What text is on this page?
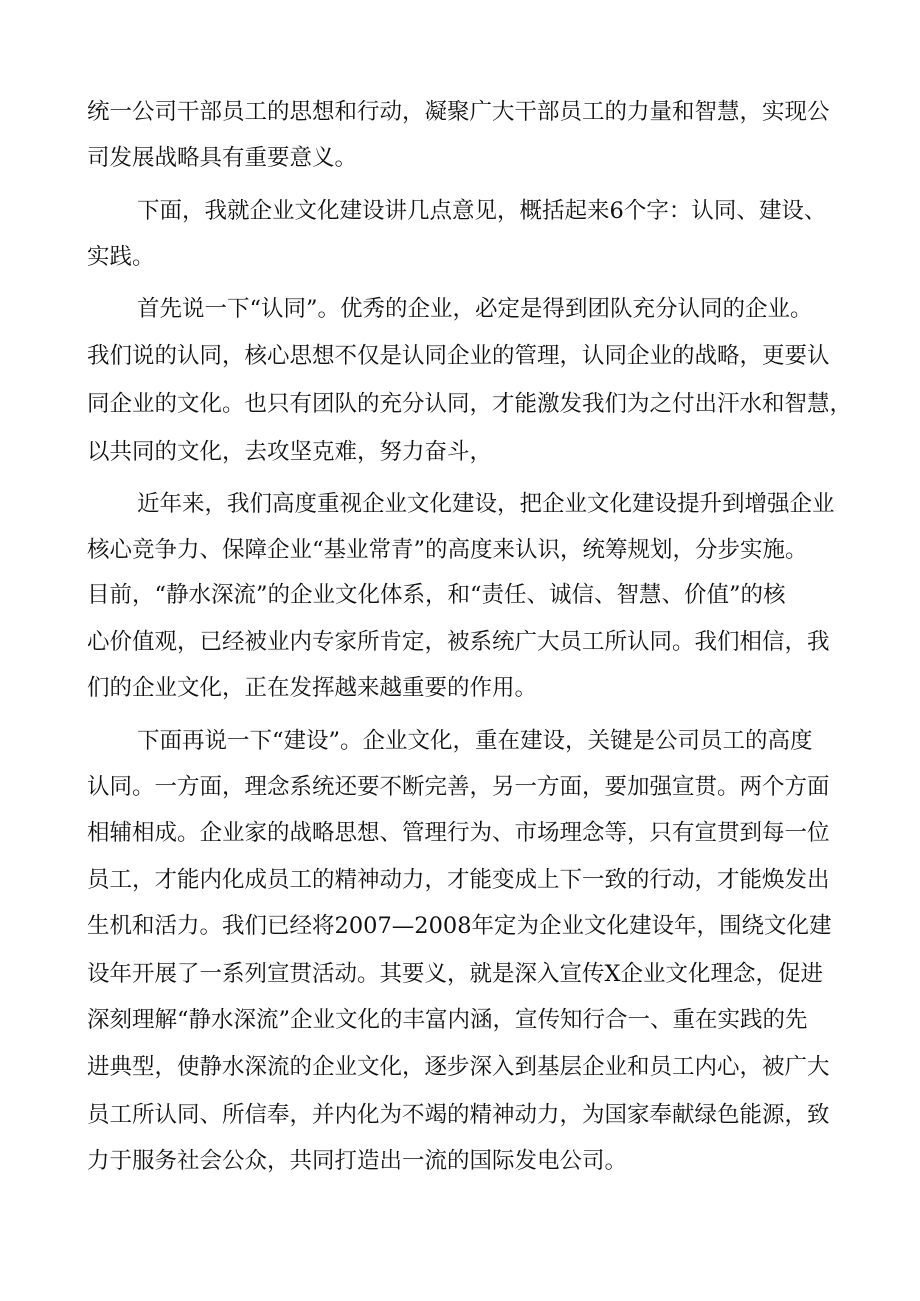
统一公司干部员工的思想和行动，凝聚广大干部员工的力量和智慧，实现公
司发展战略具有重要意义。
下面，我就企业文化建设讲几点意见，概括起来6个字：认同、建设、
实践。
首先说一下“认同”。优秀的企业，必定是得到团队充分认同的企业。
我们说的认同，核心思想不仅是认同企业的管理，认同企业的战略，更要认
同企业的文化。也只有团队的充分认同，才能激发我们为之付出汗水和智慧，
以共同的文化，去攻坚克难，努力奋斗，
近年来，我们高度重视企业文化建设，把企业文化建设提升到增强企业
核心竞争力、保障企业“基业常青”的高度来认识，统筹规划，分步实施。
目前，“静水深流”的企业文化体系，和“责任、诚信、智慧、价值”的核
心价值观，已经被业内专家所肯定，被系统广大员工所认同。我们相信，我
们的企业文化，正在发挥越来越重要的作用。
下面再说一下“建设”。企业文化，重在建设，关键是公司员工的高度
认同。一方面，理念系统还要不断完善，另一方面，要加强宣贯。两个方面
相辅相成。企业家的战略思想、管理行为、市场理念等，只有宣贯到每一位
员工，才能内化成员工的精神动力，才能变成上下一致的行动，才能焕发出
生机和活力。我们已经将2007—2008年定为企业文化建设年，围绕文化建
设年开展了一系列宣贯活动。其要义，就是深入宣传X企业文化理念，促进
深刻理解“静水深流”企业文化的丰富内涵，宣传知行合一、重在实践的先
进典型，使静水深流的企业文化，逐步深入到基层企业和员工内心，被广大
员工所认同、所信奉，并内化为不竭的精神动力，为国家奉献绿色能源，致
力于服务社会公众，共同打造出一流的国际发电公司。
